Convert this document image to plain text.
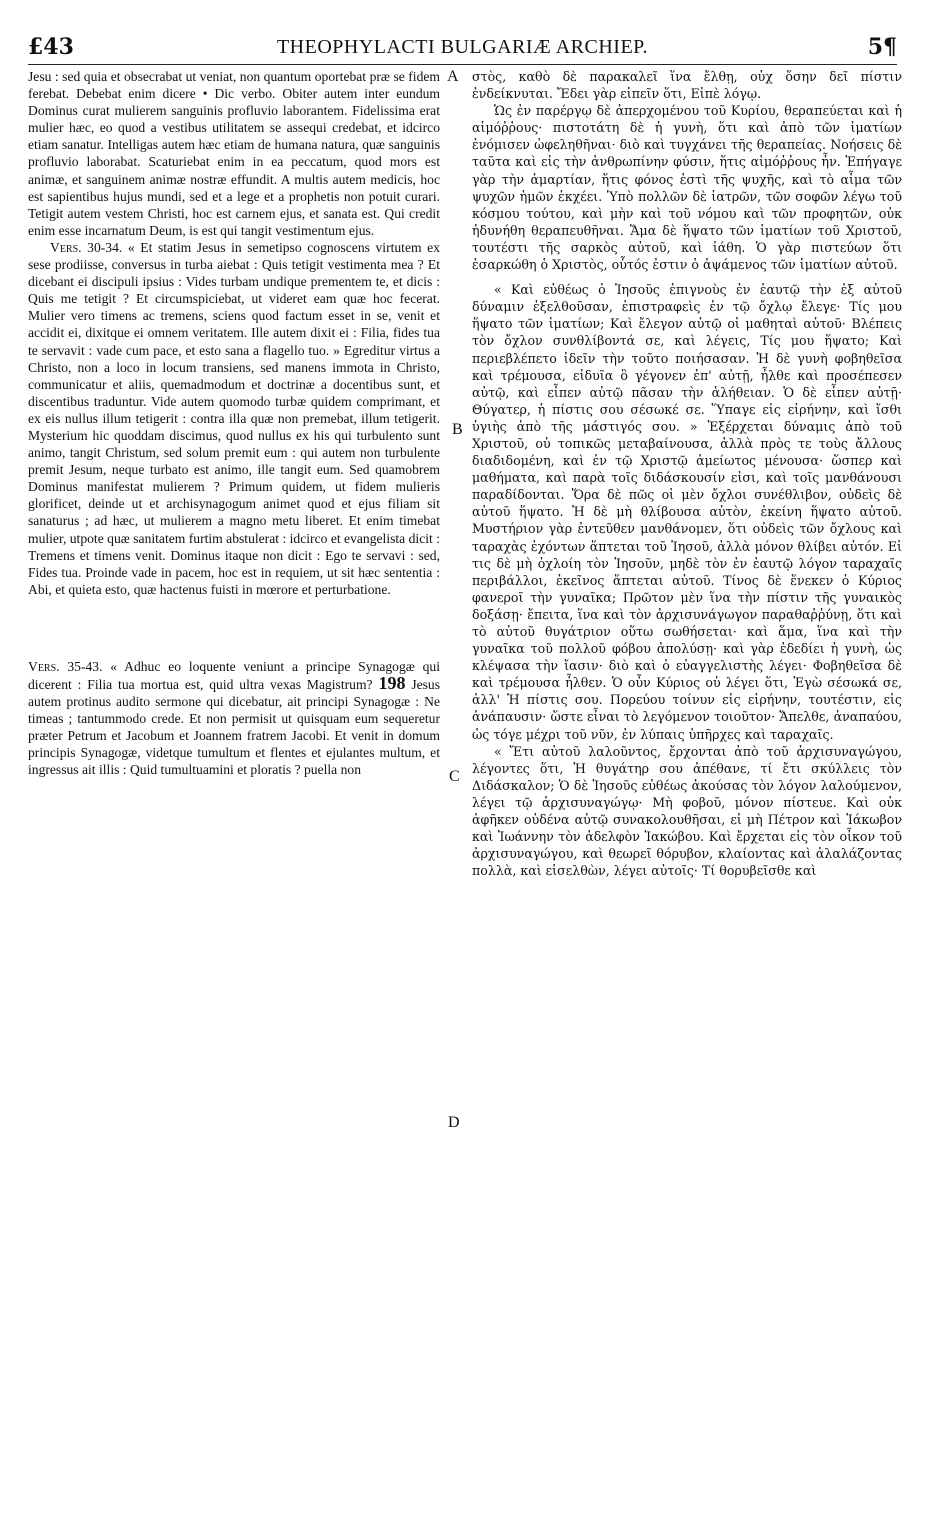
£43	THEOPHYLACTI BULGARIÆ ARCHIEP.	5¶
A
B
C
D

Jesu : sed quia et obsecrabat ut veniat, non quantum oportebat præ se fidem ferebat. Debebat enim dicere • Dic verbo. Obiter autem inter eundum Dominus curat mulierem sanguinis profluvio laborantem. Fidelissima erat mulier hæc, eo quod a vestibus utilitatem se assequi credebat, et idcirco etiam sanatur. Intelligas autem hæc etiam de humana natura, quæ sanguinis profluvio laborabat. Scaturiebat enim in ea peccatum, quod mors est animæ, et sanguinem animæ nostræ effundit. A multis autem medicis, hoc est sapientibus hujus mundi, sed et a lege et a prophetis non potuit curari. Tetigit autem vestem Christi, hoc est carnem ejus, et sanata est. Qui credit enim esse incarnatum Deum, is est qui tangit vestimentum ejus.

Vers. 30-34. « Et statim Jesus in semetipso cognoscens virtutem ex sese prodiisse, conversus in turba aiebat : Quis tetigit vestimenta mea ? Et dicebant ei discipuli ipsius : Vides turbam undique prementem te, et dicis : Quis me tetigit ? Et circumspiciebat, ut videret eam quæ hoc fecerat. Mulier vero timens ac tremens, sciens quod factum esset in se, venit et accidit ei, dixitque ei omnem veritatem. Ille autem dixit ei : Filia, fides tua te servavit : vade cum pace, et esto sana a flagello tuo. » Egreditur virtus a Christo, non a loco in locum transiens, sed manens immota in Christo, communicatur et aliis, quemadmodum et doctrinæ a docentibus sunt, et discentibus traduntur. Vide autem quomodo turbæ quidem comprimant, et ex eis nullus illum tetigerit : contra illa quæ non premebat, illum tetigerit. Mysterium hic quoddam discimus, quod nullus ex his qui turbulento sunt animo, tangit Christum, sed solum premit eum : qui autem non turbulente premit Jesum, neque turbato est animo, ille tangit eum. Sed quamobrem Dominus manifestat mulierem ? Primum quidem, ut fidem mulieris glorificet, deinde ut et archisynagogum animet quod et ejus filiam sit sanaturus ; ad hæc, ut mulierem a magno metu liberet. Et enim timebat mulier, utpote quæ sanitatem furtim abstulerat : idcirco et evangelista dicit : Tremens et timens venit. Dominus itaque non dicit : Ego te servavi : sed, Fides tua. Proinde vade in pacem, hoc est in requiem, ut sit hæc sententia : Abi, et quieta esto, quæ hactenus fuisti in mœrore et perturbatione.

Vers. 35-43. « Adhuc eo loquente veniunt a principe Synagogæ qui dicerent : Filia tua mortua est, quid ultra vexas Magistrum? 198 Jesus autem protinus audito sermone qui dicebatur, ait principi Synagogæ : Ne timeas ; tantummodo crede. Et non permisit ut quisquam eum sequeretur præter Petrum et Jacobum et Joannem fratrem Jacobi. Et venit in domum principis Synagogæ, videtque tumultum et flentes et ejulantes multum, et ingressus ait illis : Quid tumultuamini et ploratis ? puella non

στὸς, καθὸ δὲ παρακαλεῖ ἵνα ἔλθῃ, οὐχ ὅσην δεῖ πίστιν ἐνδείκνυται. Ἔδει γὰρ εἰπεῖν ὅτι, Εἰπὲ λόγῳ.

Ὡς ἐν παρέργῳ δὲ ἀπερχομένου τοῦ Κυρίου, θεραπεύεται καὶ ἡ αἱμόῤῥους· πιστοτάτη δὲ ἡ γυνὴ, ὅτι καὶ ἀπὸ τῶν ἱματίων ἐνόμισεν ὠφεληθῆναι· διὸ καὶ τυγχάνει τῆς θεραπείας. Νοήσεις δὲ ταῦτα καὶ εἰς τὴν ἀνθρωπίνην φύσιν, ἥτις αἱμόῤῥους ἦν. Ἐπήγαγε γὰρ τὴν ἁμαρτίαν, ἥτις φόνος ἐστὶ τῆς ψυχῆς, καὶ τὸ αἷμα τῶν ψυχῶν ἡμῶν ἐκχέει. Ὑπὸ πολλῶν δὲ ἰατρῶν, τῶν σοφῶν λέγω τοῦ κόσμου τούτου, καὶ μὴν καὶ τοῦ νόμου καὶ τῶν προφητῶν, οὐκ ἠδυνήθη θεραπευθῆναι. Ἅμα δὲ ἥψατο τῶν ἱματίων τοῦ Χριστοῦ, τουτέστι τῆς σαρκὸς αὐτοῦ, καὶ ἰάθη. Ὁ γὰρ πιστεύων ὅτι ἐσαρκώθη ὁ Χριστὸς, οὗτός ἐστιν ὁ ἀψάμενος τῶν ἱματίων αὐτοῦ.

« Καὶ εὐθέως ὁ Ἰησοῦς ἐπιγνοὺς ἐν ἑαυτῷ τὴν ἐξ αὐτοῦ δύναμιν ἐξελθοῦσαν, ἐπιστραφεὶς ἐν τῷ ὄχλῳ ἔλεγε· Τίς μου ἥψατο τῶν ἱματίων; Καὶ ἔλεγον αὐτῷ οἱ μαθηταὶ αὐτοῦ· Βλέπεις τὸν ὄχλον συνθλίβοντά σε, καὶ λέγεις, Τίς μου ἥψατο; Καὶ περιεβλέπετο ἰδεῖν τὴν τοῦτο ποιήσασαν. Ἡ δὲ γυνὴ φοβηθεῖσα καὶ τρέμουσα, εἰδυῖα ὃ γέγονεν ἐπ' αὐτῇ, ἦλθε καὶ προσέπεσεν αὐτῷ, καὶ εἶπεν αὐτῷ πᾶσαν τὴν ἀλήθειαν. Ὁ δὲ εἶπεν αὐτῇ· Θύγατερ, ἡ πίστις σου σέσωκέ σε. Ὕπαγε εἰς εἰρήνην, καὶ ἴσθι ὑγιὴς ἀπὸ τῆς μάστιγός σου. » Ἐξέρχεται δύναμις ἀπὸ τοῦ Χριστοῦ, οὐ τοπικῶς μεταβαίνουσα, ἀλλὰ πρὸς τε τοὺς ἄλλους διαδιδομένη, καὶ ἐν τῷ Χριστῷ ἀμείωτος μένουσα· ὥσπερ καὶ μαθήματα, καὶ παρὰ τοῖς διδάσκουσίν εἰσι, καὶ τοῖς μανθάνουσι παραδίδονται. Ὅρα δὲ πῶς οἱ μὲν ὄχλοι συνέθλιβον, οὐδεὶς δὲ αὐτοῦ ἥψατο. Ἡ δὲ μὴ θλίβουσα αὐτὸν, ἐκείνη ἥψατο αὐτοῦ. Μυστήριον γὰρ ἐντεῦθεν μανθάνομεν, ὅτι οὐδεὶς τῶν ὄχλους καὶ ταραχὰς ἐχόντων ἅπτεται τοῦ Ἰησοῦ, ἀλλὰ μόνον θλίβει αὐτόν. Εἰ τις δὲ μὴ ὀχλοίη τὸν Ἰησοῦν, μηδὲ τὸν ἐν ἑαυτῷ λόγον ταραχαῖς περιβάλλοι, ἐκεῖνος ἅπτεται αὐτοῦ. Τίνος δὲ ἕνεκεν ὁ Κύριος φανεροῖ τὴν γυναῖκα; Πρῶτον μὲν ἵνα τὴν πίστιν τῆς γυναικὸς δοξάσῃ· ἔπειτα, ἵνα καὶ τὸν ἀρχισυνάγωγον παραθαῤῥύνῃ, ὅτι καὶ τὸ αὐτοῦ θυγάτριον οὕτω σωθήσεται· καὶ ἅμα, ἵνα καὶ τὴν γυναῖκα τοῦ πολλοῦ φόβου ἀπολύσῃ· καὶ γὰρ ἐδεδίει ἡ γυνὴ, ὡς κλέψασα τὴν ἴασιν· διὸ καὶ ὁ εὐαγγελιστὴς λέγει· Φοβηθεῖσα δὲ καὶ τρέμουσα ἦλθεν. Ὁ οὖν Κύριος οὐ λέγει ὅτι, Ἐγὼ σέσωκά σε, ἀλλ' Ἡ πίστις σου. Πορεύου τοίνυν εἰς εἰρήνην, τουτέστιν, εἰς ἀνάπαυσιν· ὥστε εἶναι τὸ λεγόμενον τοιοῦτον· Ἄπελθε, ἀναπαύου, ὡς τόγε μέχρι τοῦ νῦν, ἐν λύπαις ὑπῆρχες καὶ ταραχαῖς.

« Ἔτι αὐτοῦ λαλοῦντος, ἔρχονται ἀπὸ τοῦ ἀρχισυναγώγου, λέγοντες ὅτι, Ἡ θυγάτηρ σου ἀπέθανε, τί ἔτι σκύλλεις τὸν Διδάσκαλον; Ὁ δὲ Ἰησοῦς εὐθέως ἀκούσας τὸν λόγον λαλούμενον, λέγει τῷ ἀρχισυναγώγῳ· Μὴ φοβοῦ, μόνον πίστευε. Καὶ οὐκ ἀφῆκεν οὐδένα αὐτῷ συνακολουθῆσαι, εἰ μὴ Πέτρον καὶ Ἰάκωβον καὶ Ἰωάννην τὸν ἀδελφὸν Ἰακώβου. Καὶ ἔρχεται εἰς τὸν οἶκον τοῦ ἀρχισυναγώγου, καὶ θεωρεῖ θόρυβον, κλαίοντας καὶ ἀλαλάζοντας πολλὰ, καὶ εἰσελθὼν, λέγει αὐτοῖς· Τί θορυβεῖσθε καὶ
